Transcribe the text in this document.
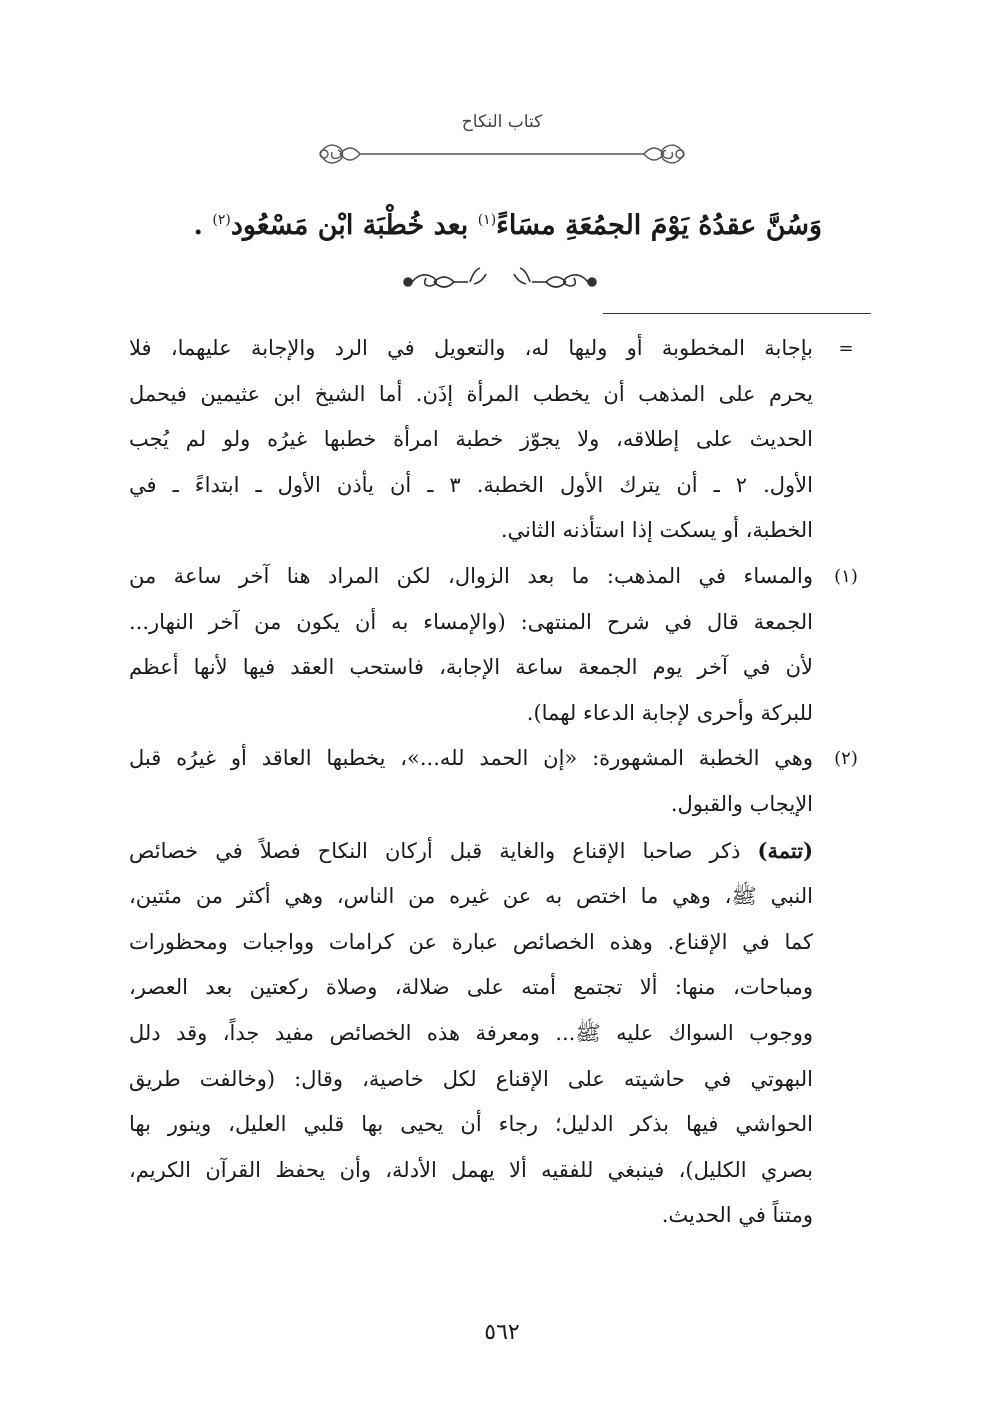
كتاب النكاح
وَسُنَّ عقدُهُ يَوْمَ الجمُعَةِ مسَاءً$^{(١)}$ بعد خُطْبَة ابْن مَسْعُود$^{(٢)}$ .
=
بإجابة المخطوبة أو وليها له، والتعويل في الرد والإجابة عليهما، فلا
يحرم على المذهب أن يخطب المرأة إذَن. أما الشيخ ابن عثيمين فيحمل
الحديث على إطلاقه، ولا يجوّز خطبة امرأة خطبها غيرُه ولو لم يُجب
الأول. ٢ ـ أن يترك الأول الخطبة. ٣ ـ أن يأذن الأول ـ ابتداءً ـ في
الخطبة، أو يسكت إذا استأذنه الثاني.
(١)
والمساء في المذهب: ما بعد الزوال، لكن المراد هنا آخر ساعة من
الجمعة قال في شرح المنتهى: (والإمساء به أن يكون من آخر النهار...
لأن في آخر يوم الجمعة ساعة الإجابة، فاستحب العقد فيها لأنها أعظم
للبركة وأحرى لإجابة الدعاء لهما).
(٢)
وهي الخطبة المشهورة: «إن الحمد لله...»، يخطبها العاقد أو غيرُه قبل
الإيجاب والقبول.
(تتمة) ذكر صاحبا الإقناع والغاية قبل أركان النكاح فصلاً في خصائص
النبي ﷺ، وهي ما اختص به عن غيره من الناس، وهي أكثر من مئتين،
كما في الإقناع. وهذه الخصائص عبارة عن كرامات وواجبات ومحظورات
ومباحات، منها: ألا تجتمع أمته على ضلالة، وصلاة ركعتين بعد العصر،
ووجوب السواك عليه ﷺ... ومعرفة هذه الخصائص مفيد جداً، وقد دلل
البهوتي في حاشيته على الإقناع لكل خاصية، وقال: (وخالفت طريق
الحواشي فيها بذكر الدليل؛ رجاء أن يحيى بها قلبي العليل، وينور بها
بصري الكليل)، فينبغي للفقيه ألا يهمل الأدلة، وأن يحفظ القرآن الكريم،
ومتناً في الحديث.
٥٦٢
